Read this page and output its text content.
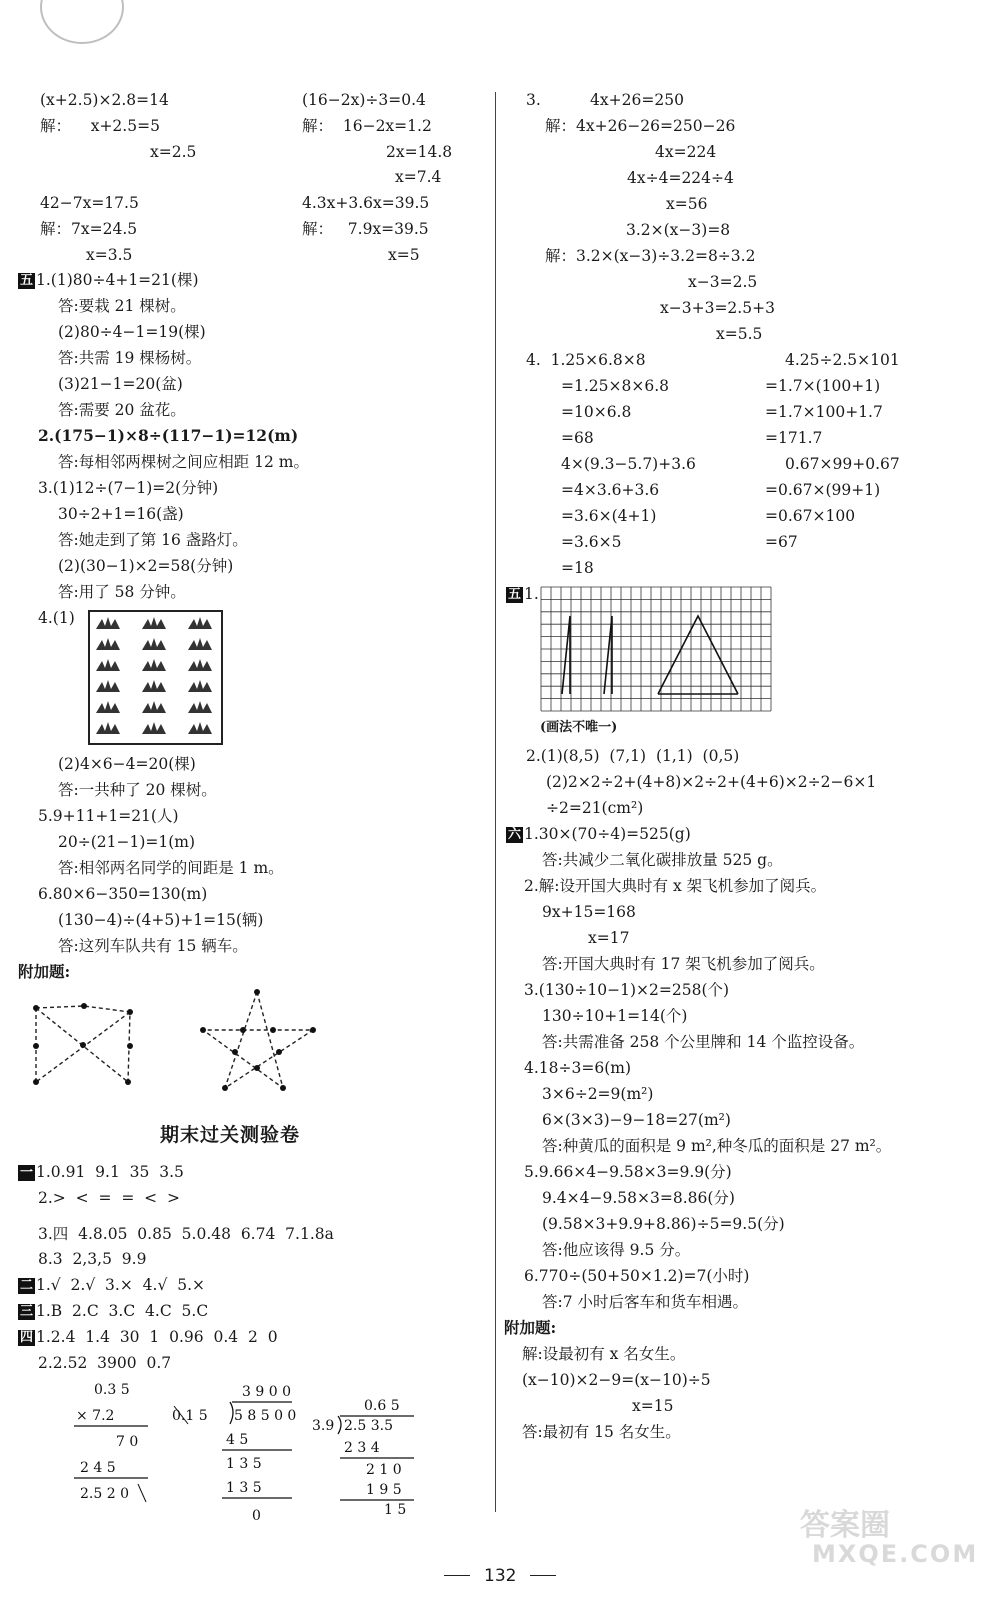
(x+2.5)×2.8=14
解：    x+2.5=5
x=2.5
42−7x=17.5
解：7x=24.5
x=3.5
(16−2x)÷3=0.4
解：  16−2x=1.2
2x=14.8
x=7.4
4.3x+3.6x=39.5
解：   7.9x=39.5
x=5
五 1.(1)80÷4+1=21(棵)
答:要栽 21 棵树。
(2)80÷4−1=19(棵)
答:共需 19 棵杨树。
(3)21−1=20(盆)
答:需要 20 盆花。
2.(175−1)×8÷(117−1)=12(m)
答:每相邻两棵树之间应相距 12 m。
3.(1)12÷(7−1)=2(分钟)
30÷2+1=16(盏)
答:她走到了第 16 盏路灯。
(2)(30−1)×2=58(分钟)
答:用了 58 分钟。
4.(1)
(2)4×6−4=20(棵)
答:一共种了 20 棵树。
5.9+11+1=21(人)
20÷(21−1)=1(m)
答:相邻两名同学的间距是 1 m。
6.80×6−350=130(m)
(130−4)÷(4+5)+1=15(辆)
答:这列车队共有 15 辆车。
附加题:
期末过关测验卷
一 1.0.91  9.1  35  3.5
2.>  <  =  =  <  >
3.四  4.8.05  0.85  5.0.48  6.74  7.1.8a
8.3  2,3,5  9.9
二 1.√  2.√  3.×  4.√  5.×
三 1.B  2.C  3.C  4.C  5.C
四 1.2.4  1.4  30  1  0.96  0.4  2  0
2.2.52  3900  0.7
0.3 5
× 7.2
7 0
2 4 5
2.5 2 0
3 9 0 0
0.1 5 5 8 5 0 0
4 5
1 3 5
1 3 5
0
0.6 5
3.9 2.5 3.5
2 3 4
2 1 0
1 9 5
1 5
3.          4x+26=250
解：4x+26−26=250−26
4x=224
4x÷4=224÷4
x=56
3.2×(x−3)=8
解：3.2×(x−3)÷3.2=8÷3.2
x−3=2.5
x−3+3=2.5+3
x=5.5
4.  1.25×6.8×8
=1.25×8×6.8
=10×6.8
=68
4×(9.3−5.7)+3.6
=4×3.6+3.6
=3.6×(4+1)
=3.6×5
=18
4.25÷2.5×101
=1.7×(100+1)
=1.7×100+1.7
=171.7
0.67×99+0.67
=0.67×(99+1)
=0.67×100
=67
五 1.
(画法不唯一)
2.(1)(8,5)  (7,1)  (1,1)  (0,5)
(2)2×2÷2+(4+8)×2÷2+(4+6)×2÷2−6×1
÷2=21(cm²)
六 1.30×(70÷4)=525(g)
答:共减少二氧化碳排放量 525 g。
2.解:设开国大典时有 x 架飞机参加了阅兵。
9x+15=168
x=17
答:开国大典时有 17 架飞机参加了阅兵。
3.(130÷10−1)×2=258(个)
130÷10+1=14(个)
答:共需准备 258 个公里牌和 14 个监控设备。
4.18÷3=6(m)
3×6÷2=9(m²)
6×(3×3)−9−18=27(m²)
答:种黄瓜的面积是 9 m²,种冬瓜的面积是 27 m²。
5.9.66×4−9.58×3=9.9(分)
9.4×4−9.58×3=8.86(分)
(9.58×3+9.9+8.86)÷5=9.5(分)
答:他应该得 9.5 分。
6.770÷(50+50×1.2)=7(小时)
答:7 小时后客车和货车相遇。
附加题:
解:设最初有 x 名女生。
(x−10)×2−9=(x−10)÷5
x=15
答:最初有 15 名女生。
答案圈
MXQE.COM
132
